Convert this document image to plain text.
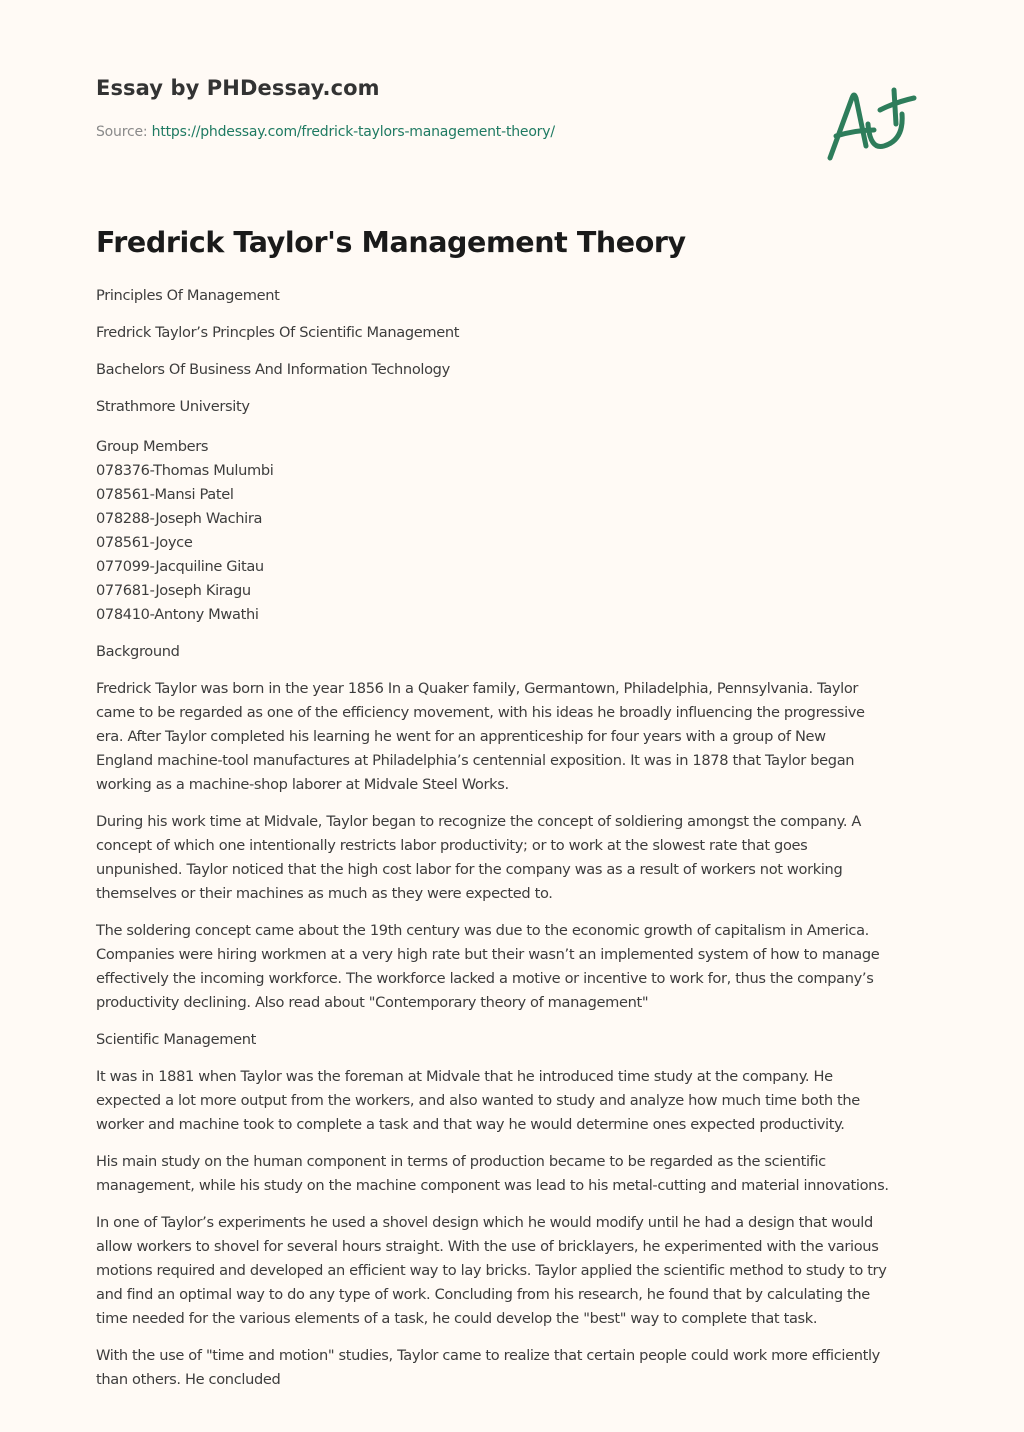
Essay by PHDessay.com
Source: https://phdessay.com/fredrick-taylors-management-theory/
Fredrick Taylor's Management Theory

Principles Of Management

Fredrick Taylor’s Princples Of Scientific Management

Bachelors Of Business And Information Technology

Strathmore University

Group Members
078376-Thomas Mulumbi
078561-Mansi Patel
078288-Joseph Wachira
078561-Joyce
077099-Jacquiline Gitau
077681-Joseph Kiragu
078410-Antony Mwathi

Background

Fredrick Taylor was born in the year 1856 In a Quaker family, Germantown, Philadelphia, Pennsylvania. Taylor
came to be regarded as one of the efficiency movement, with his ideas he broadly influencing the progressive
era. After Taylor completed his learning he went for an apprenticeship for four years with a group of New
England machine-tool manufactures at Philadelphia’s centennial exposition. It was in 1878 that Taylor began
working as a machine-shop laborer at Midvale Steel Works.

During his work time at Midvale, Taylor began to recognize the concept of soldiering amongst the company. A
concept of which one intentionally restricts labor productivity; or to work at the slowest rate that goes
unpunished. Taylor noticed that the high cost labor for the company was as a result of workers not working
themselves or their machines as much as they were expected to.

The soldering concept came about the 19th century was due to the economic growth of capitalism in America.
Companies were hiring workmen at a very high rate but their wasn’t an implemented system of how to manage
effectively the incoming workforce. The workforce lacked a motive or incentive to work for, thus the company’s
productivity declining. Also read about "Contemporary theory of management"

Scientific Management

It was in 1881 when Taylor was the foreman at Midvale that he introduced time study at the company. He
expected a lot more output from the workers, and also wanted to study and analyze how much time both the
worker and machine took to complete a task and that way he would determine ones expected productivity.

His main study on the human component in terms of production became to be regarded as the scientific
management, while his study on the machine component was lead to his metal-cutting and material innovations.

In one of Taylor’s experiments he used a shovel design which he would modify until he had a design that would
allow workers to shovel for several hours straight. With the use of bricklayers, he experimented with the various
motions required and developed an efficient way to lay bricks. Taylor applied the scientific method to study to try
and find an optimal way to do any type of work. Concluding from his research, he found that by calculating the
time needed for the various elements of a task, he could develop the "best" way to complete that task.

With the use of "time and motion" studies, Taylor came to realize that certain people could work more efficiently
than others. He concluded
